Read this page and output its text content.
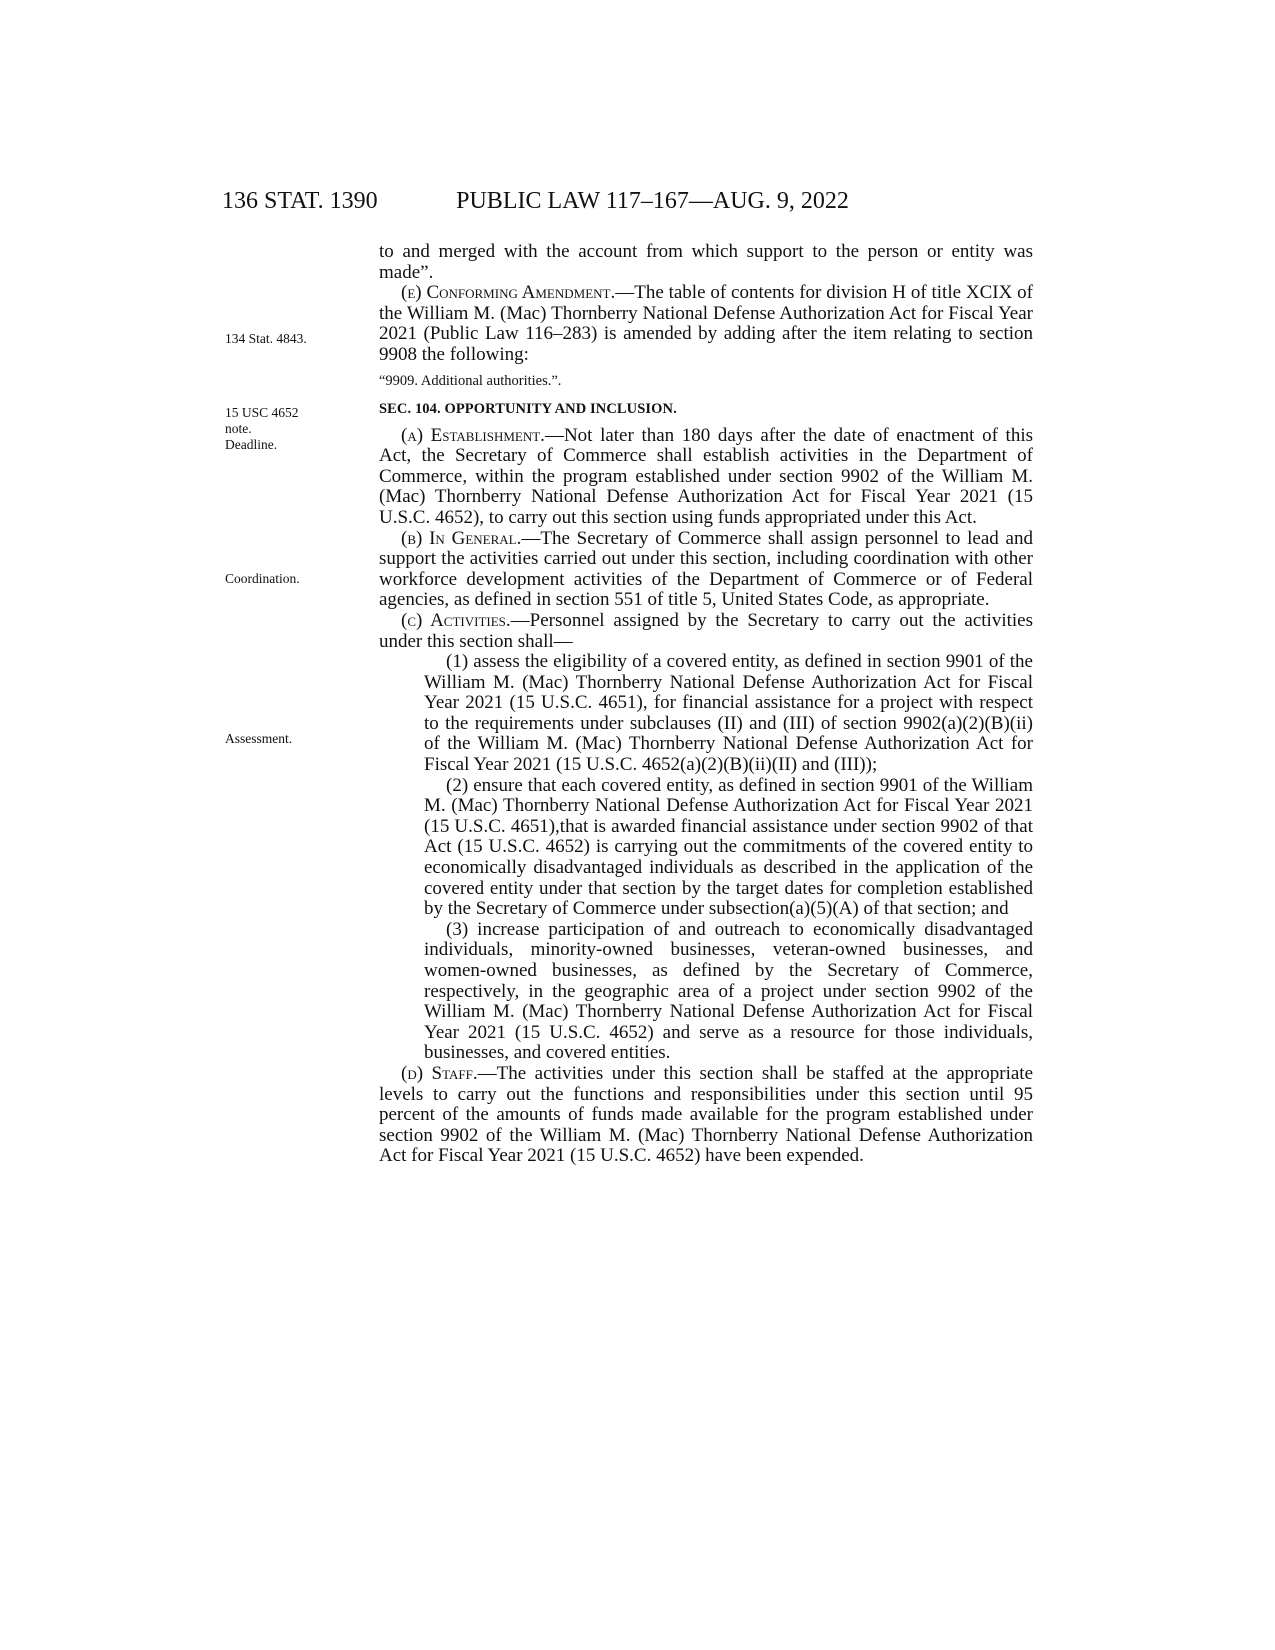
136 STAT. 1390	PUBLIC LAW 117–167—AUG. 9, 2022
134 Stat. 4843.
15 USC 4652 note.
Deadline.
Coordination.
Assessment.

to and merged with the account from which support to the person or entity was made”.

(e) Conforming Amendment.—The table of contents for division H of title XCIX of the William M. (Mac) Thornberry National Defense Authorization Act for Fiscal Year 2021 (Public Law 116–283) is amended by adding after the item relating to section 9908 the following:

“9909. Additional authorities.”.

SEC. 104. OPPORTUNITY AND INCLUSION.

(a) Establishment.—Not later than 180 days after the date of enactment of this Act, the Secretary of Commerce shall establish activities in the Department of Commerce, within the program established under section 9902 of the William M. (Mac) Thornberry National Defense Authorization Act for Fiscal Year 2021 (15 U.S.C. 4652), to carry out this section using funds appropriated under this Act.

(b) In General.—The Secretary of Commerce shall assign personnel to lead and support the activities carried out under this section, including coordination with other workforce development activities of the Department of Commerce or of Federal agencies, as defined in section 551 of title 5, United States Code, as appropriate.

(c) Activities.—Personnel assigned by the Secretary to carry out the activities under this section shall—

(1) assess the eligibility of a covered entity, as defined in section 9901 of the William M. (Mac) Thornberry National Defense Authorization Act for Fiscal Year 2021 (15 U.S.C. 4651), for financial assistance for a project with respect to the requirements under subclauses (II) and (III) of section 9902(a)(2)(B)(ii) of the William M. (Mac) Thornberry National Defense Authorization Act for Fiscal Year 2021 (15 U.S.C. 4652(a)(2)(B)(ii)(II) and (III));

(2) ensure that each covered entity, as defined in section 9901 of the William M. (Mac) Thornberry National Defense Authorization Act for Fiscal Year 2021 (15 U.S.C. 4651),that is awarded financial assistance under section 9902 of that Act (15 U.S.C. 4652) is carrying out the commitments of the covered entity to economically disadvantaged individuals as described in the application of the covered entity under that section by the target dates for completion established by the Secretary of Commerce under subsection(a)(5)(A) of that section; and

(3) increase participation of and outreach to economically disadvantaged individuals, minority-owned businesses, veteran-owned businesses, and women-owned businesses, as defined by the Secretary of Commerce, respectively, in the geographic area of a project under section 9902 of the William M. (Mac) Thornberry National Defense Authorization Act for Fiscal Year 2021 (15 U.S.C. 4652) and serve as a resource for those individuals, businesses, and covered entities.

(d) Staff.—The activities under this section shall be staffed at the appropriate levels to carry out the functions and responsibilities under this section until 95 percent of the amounts of funds made available for the program established under section 9902 of the William M. (Mac) Thornberry National Defense Authorization Act for Fiscal Year 2021 (15 U.S.C. 4652) have been expended.
